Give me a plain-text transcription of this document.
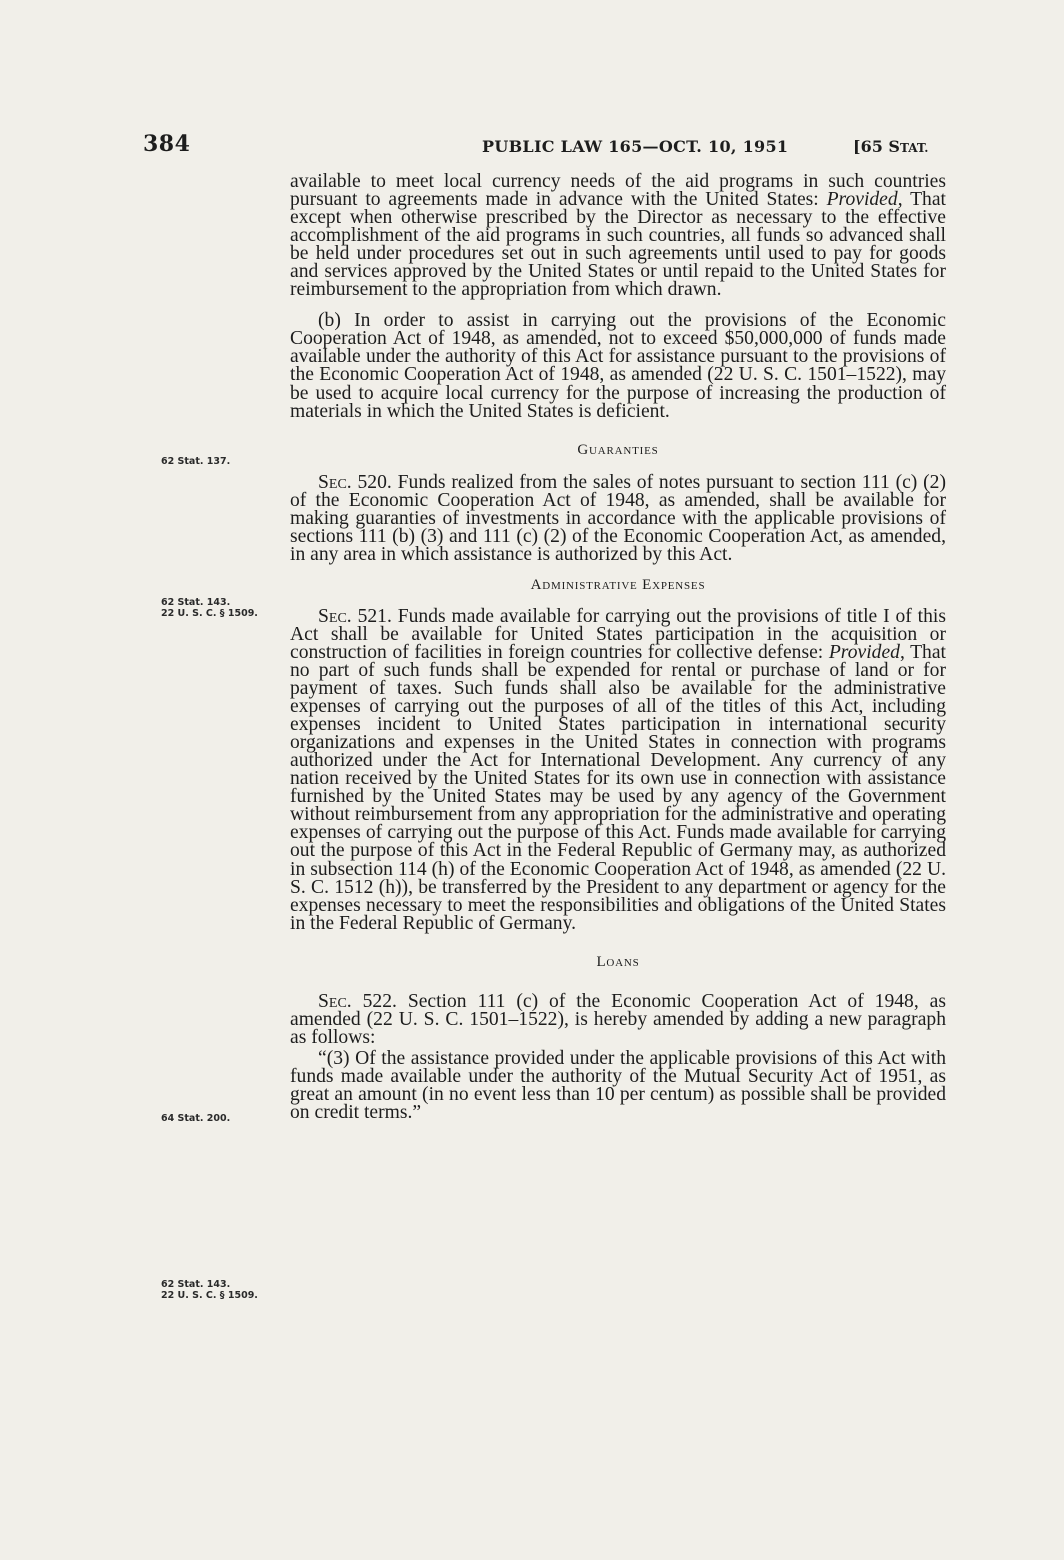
384	PUBLIC LAW 165—OCT. 10, 1951	[65 STAT.
62 Stat. 137.
62 Stat. 143.
22 U. S. C. § 1509.
64 Stat. 200.
62 Stat. 143.
22 U. S. C. § 1509.

available to meet local currency needs of the aid programs in such countries pursuant to agreements made in advance with the United States: Provided, That except when otherwise prescribed by the Director as necessary to the effective accomplishment of the aid programs in such countries, all funds so advanced shall be held under procedures set out in such agreements until used to pay for goods and services approved by the United States or until repaid to the United States for reimbursement to the appropriation from which drawn.

(b) In order to assist in carrying out the provisions of the Economic Cooperation Act of 1948, as amended, not to exceed $50,000,000 of funds made available under the authority of this Act for assistance pursuant to the provisions of the Economic Cooperation Act of 1948, as amended (22 U. S. C. 1501–1522), may be used to acquire local currency for the purpose of increasing the production of materials in which the United States is deficient.

Guaranties

Sec. 520. Funds realized from the sales of notes pursuant to section 111 (c) (2) of the Economic Cooperation Act of 1948, as amended, shall be available for making guaranties of investments in accordance with the applicable provisions of sections 111 (b) (3) and 111 (c) (2) of the Economic Cooperation Act, as amended, in any area in which assistance is authorized by this Act.

Administrative Expenses

Sec. 521. Funds made available for carrying out the provisions of title I of this Act shall be available for United States participation in the acquisition or construction of facilities in foreign countries for collective defense: Provided, That no part of such funds shall be expended for rental or purchase of land or for payment of taxes. Such funds shall also be available for the administrative expenses of carrying out the purposes of all of the titles of this Act, including expenses incident to United States participation in international security organizations and expenses in the United States in connection with programs authorized under the Act for International Development. Any currency of any nation received by the United States for its own use in connection with assistance furnished by the United States may be used by any agency of the Government without reimbursement from any appropriation for the administrative and operating expenses of carrying out the purpose of this Act. Funds made available for carrying out the purpose of this Act in the Federal Republic of Germany may, as authorized in subsection 114 (h) of the Economic Cooperation Act of 1948, as amended (22 U. S. C. 1512 (h)), be transferred by the President to any department or agency for the expenses necessary to meet the responsibilities and obligations of the United States in the Federal Republic of Germany.

Loans

Sec. 522. Section 111 (c) of the Economic Cooperation Act of 1948, as amended (22 U. S. C. 1501–1522), is hereby amended by adding a new paragraph as follows:

“(3) Of the assistance provided under the applicable provisions of this Act with funds made available under the authority of the Mutual Security Act of 1951, as great an amount (in no event less than 10 per centum) as possible shall be provided on credit terms.”
